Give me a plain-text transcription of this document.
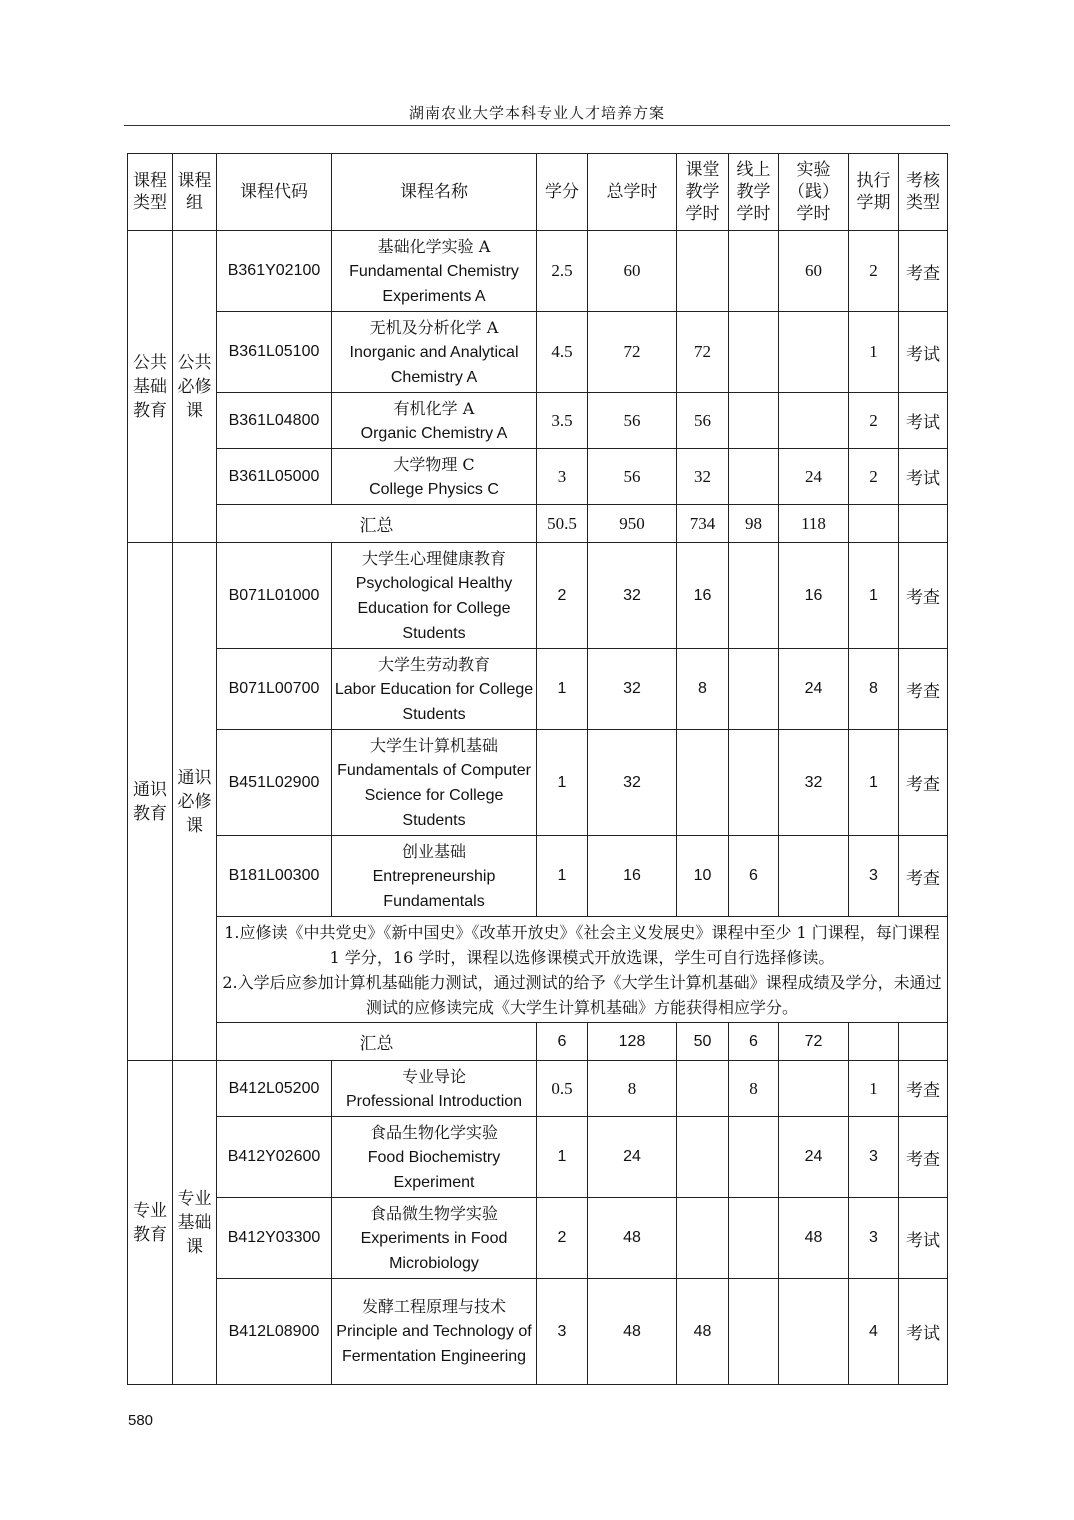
湖南农业大学本科专业人才培养方案
课程类型	课程组	课程代码	课程名称	学分	总学时	课堂教学学时	线上教学学时	实验（践）学时	执行学期	考核类型
公共基础教育	公共必修课	B361Y02100	基础化学实验 A
Fundamental Chemistry Experiments A	2.5	60			60	2	考查
		B361L05100	无机及分析化学 A
Inorganic and Analytical Chemistry A	4.5	72	72			1	考试
		B361L04800	有机化学 A
Organic Chemistry A	3.5	56	56			2	考试
		B361L05000	大学物理 C
College Physics C	3	56	32		24	2	考试
		汇总		50.5	950	734	98	118		
通识教育	通识必修课	B071L01000	大学生心理健康教育
Psychological Healthy Education for College Students	2	32	16		16	1	考查
		B071L00700	大学生劳动教育
Labor Education for College Students	1	32	8		24	8	考查
		B451L02900	大学生计算机基础
Fundamentals of Computer Science for College Students	1	32			32	1	考查
		B181L00300	创业基础
Entrepreneurship Fundamentals	1	16	10	6		3	考查

		1.应修读《中共党史》《新中国史》《改革开放史》《社会主义发展史》课程中至少 1 门课程，每门课程 1 学分，16 学时，课程以选修课模式开放选课，学生可自行选择修读。
2.入学后应参加计算机基础能力测试，通过测试的给予《大学生计算机基础》课程成绩及学分，未通过测试的应修读完成《大学生计算机基础》方能获得相应学分。								

		汇总		6	128	50	6	72		
专业教育	专业基础课	B412L05200	专业导论
Professional Introduction	0.5	8		8		1	考查
		B412Y02600	食品生物化学实验
Food Biochemistry Experiment	1	24			24	3	考查
		B412Y03300	食品微生物学实验
Experiments in Food Microbiology	2	48			48	3	考试
		B412L08900	发酵工程原理与技术
Principle and Technology of Fermentation Engineering	3	48	48			4	考试
580
